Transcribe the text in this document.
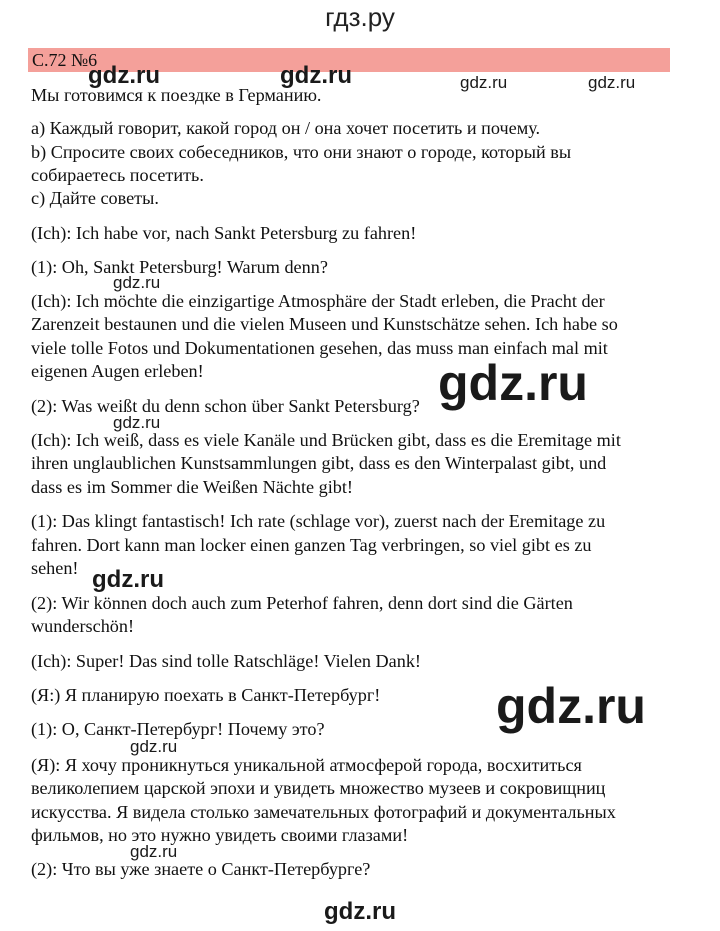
гдз.ру
С.72 №6
Мы готовимся к поездке в Германию.
a) Каждый говорит, какой город он / она хочет посетить и почему.
b) Спросите своих собеседников, что они знают о городе, который вы
собираетесь посетить.
c) Дайте советы.
(Ich): Ich habe vor, nach Sankt Petersburg zu fahren!
(1): Oh, Sankt Petersburg! Warum denn?
(Ich): Ich möchte die einzigartige Atmosphäre der Stadt erleben, die Pracht der
Zarenzeit bestaunen und die vielen Museen und Kunstschätze sehen. Ich habe so
viele tolle Fotos und Dokumentationen gesehen, das muss man einfach mal mit
eigenen Augen erleben!
(2): Was weißt du denn schon über Sankt Petersburg?
(Ich): Ich weiß, dass es viele Kanäle und Brücken gibt, dass es die Eremitage mit
ihren unglaublichen Kunstsammlungen gibt, dass es den Winterpalast gibt, und
dass es im Sommer die Weißen Nächte gibt!
(1): Das klingt fantastisch! Ich rate (schlage vor), zuerst nach der Eremitage zu
fahren. Dort kann man locker einen ganzen Tag verbringen, so viel gibt es zu
sehen!
(2): Wir können doch auch zum Peterhof fahren, denn dort sind die Gärten
wunderschön!
(Ich): Super! Das sind tolle Ratschläge! Vielen Dank!
(Я:) Я планирую поехать в Санкт-Петербург!
(1): О, Санкт-Петербург! Почему это?
(Я): Я хочу проникнуться уникальной атмосферой города, восхититься
великолепием царской эпохи и увидеть множество музеев и сокровищниц
искусства. Я видела столько замечательных фотографий и документальных
фильмов, но это нужно увидеть своими глазами!
(2): Что вы уже знаете о Санкт-Петербурге?
gdz.ru	gdz.ru	gdz.ru	gdz.ru
gdz.ru
gdz.ru
gdz.ru
gdz.ru
gdz.ru
gdz.ru
gdz.ru
gdz.ru
